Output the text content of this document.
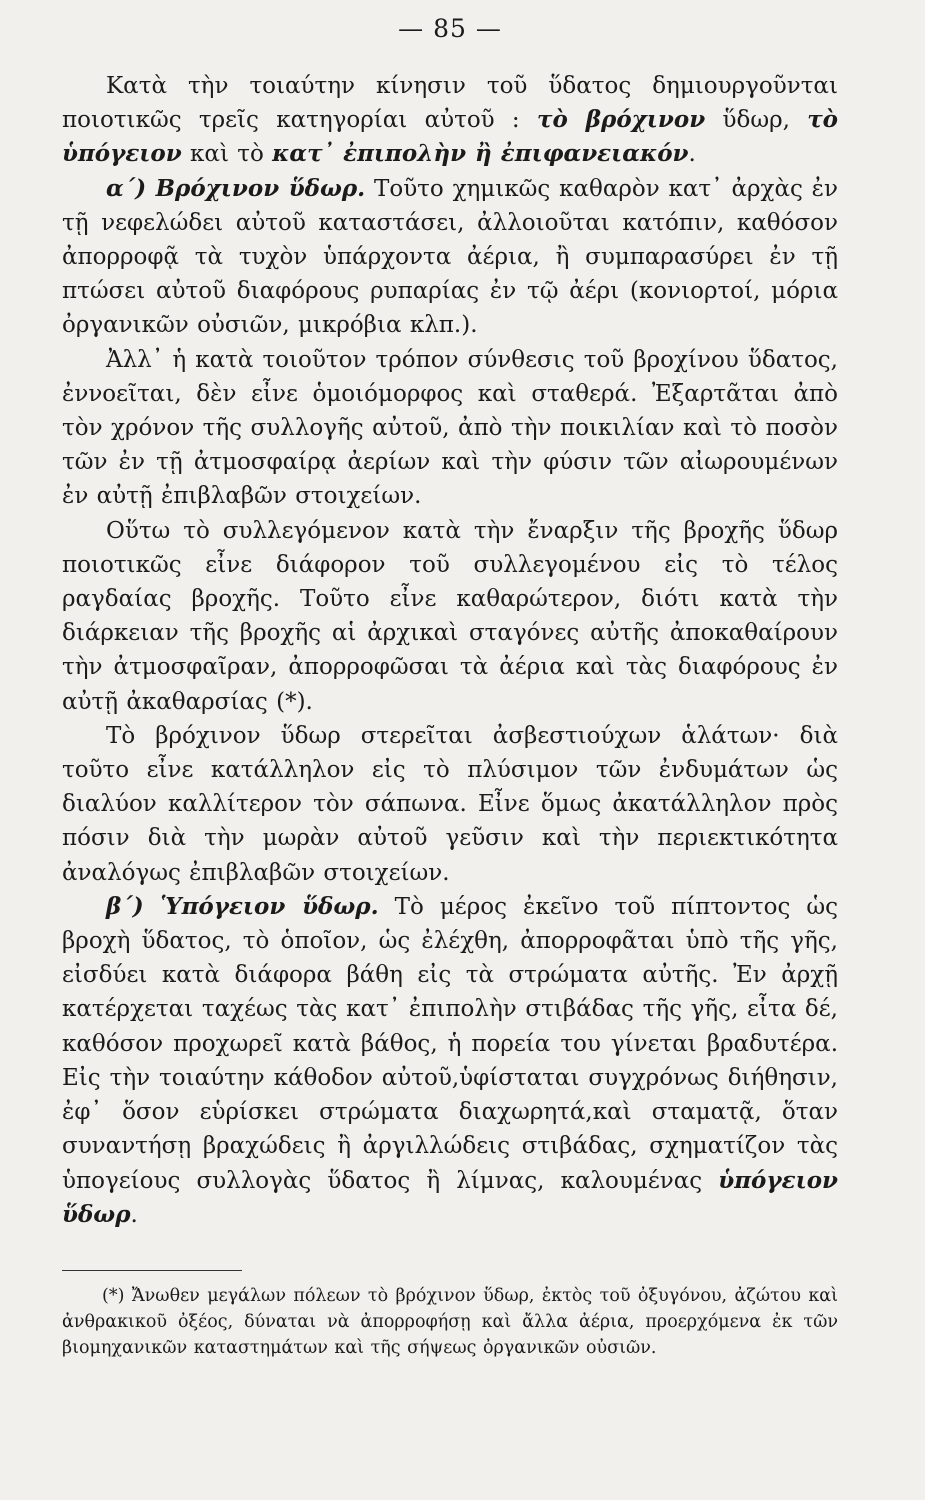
— 85 —

Κατὰ τὴν τοιαύτην κίνησιν τοῦ ὕδατος δημιουργοῦνται ποιοτικῶς τρεῖς κατηγορίαι αὐτοῦ : τὸ βρόχινον ὕδωρ, τὸ ὑπόγειον καὶ τὸ κατ᾽ ἐπιπολὴν ἢ ἐπιφανειακόν.

α΄) Βρόχινον ὕδωρ. Τοῦτο χημικῶς καθαρὸν κατ᾽ ἀρχὰς ἐν τῇ νεφελώδει αὐτοῦ καταστάσει, ἀλλοιοῦται κατόπιν, καθόσον ἀπορροφᾷ τὰ τυχὸν ὑπάρχοντα ἀέρια, ἢ συμπαρασύρει ἐν τῇ πτώσει αὐτοῦ διαφόρους ρυπαρίας ἐν τῷ ἀέρι (κονιορτοί, μόρια ὀργανικῶν οὐσιῶν, μικρόβια κλπ.).

Ἀλλ᾽ ἡ κατὰ τοιοῦτον τρόπον σύνθεσις τοῦ βροχίνου ὕδατος, ἐννοεῖται, δὲν εἶνε ὁμοιόμορφος καὶ σταθερά. Ἐξαρτᾶται ἀπὸ τὸν χρόνον τῆς συλλογῆς αὐτοῦ, ἀπὸ τὴν ποικιλίαν καὶ τὸ ποσὸν τῶν ἐν τῇ ἀτμοσφαίρᾳ ἀερίων καὶ τὴν φύσιν τῶν αἰωρουμένων ἐν αὐτῇ ἐπιβλαβῶν στοιχείων.

Οὕτω τὸ συλλεγόμενον κατὰ τὴν ἔναρξιν τῆς βροχῆς ὕδωρ ποιοτικῶς εἶνε διάφορον τοῦ συλλεγομένου εἰς τὸ τέλος ραγδαίας βροχῆς. Τοῦτο εἶνε καθαρώτερον, διότι κατὰ τὴν διάρκειαν τῆς βροχῆς αἱ ἀρχικαὶ σταγόνες αὐτῆς ἀποκαθαίρουν τὴν ἀτμοσφαῖραν, ἀπορροφῶσαι τὰ ἀέρια καὶ τὰς διαφόρους ἐν αὐτῇ ἀκαθαρσίας (*).

Τὸ βρόχινον ὕδωρ στερεῖται ἀσβεστιούχων ἁλάτων· διὰ τοῦτο εἶνε κατάλληλον εἰς τὸ πλύσιμον τῶν ἐνδυμάτων ὡς διαλύον καλλίτερον τὸν σάπωνα. Εἶνε ὅμως ἀκατάλληλον πρὸς πόσιν διὰ τὴν μωρὰν αὐτοῦ γεῦσιν καὶ τὴν περιεκτικότητα ἀναλόγως ἐπιβλαβῶν στοιχείων.

β΄) Ὑπόγειον ὕδωρ. Τὸ μέρος ἐκεῖνο τοῦ πίπτοντος ὡς βροχὴ ὕδατος, τὸ ὁποῖον, ὡς ἐλέχθη, ἀπορροφᾶται ὑπὸ τῆς γῆς, εἰσδύει κατὰ διάφορα βάθη εἰς τὰ στρώματα αὐτῆς. Ἐν ἀρχῇ κατέρχεται ταχέως τὰς κατ᾽ ἐπιπολὴν στιβάδας τῆς γῆς, εἶτα δέ, καθόσον προχωρεῖ κατὰ βάθος, ἡ πορεία του γίνεται βραδυτέρα. Εἰς τὴν τοιαύτην κάθοδον αὐτοῦ,ὑφίσταται συγχρόνως διήθησιν, ἐφ᾽ ὅσον εὑρίσκει στρώματα διαχωρητά,καὶ σταματᾷ, ὅταν συναντήσῃ βραχώδεις ἢ ἀργιλλώδεις στιβάδας, σχηματίζον τὰς ὑπογείους συλλογὰς ὕδατος ἢ λίμνας, καλουμένας ὑπόγειον ὕδωρ.

(*) Ἄνωθεν μεγάλων πόλεων τὸ βρόχινον ὕδωρ, ἐκτὸς τοῦ ὀξυγόνου, ἀζώτου καὶ ἀνθρακικοῦ ὀξέος, δύναται νὰ ἀπορροφήσῃ καὶ ἄλλα ἀέρια, προερχόμενα ἐκ τῶν βιομηχανικῶν καταστημάτων καὶ τῆς σήψεως ὀργανικῶν οὐσιῶν.
